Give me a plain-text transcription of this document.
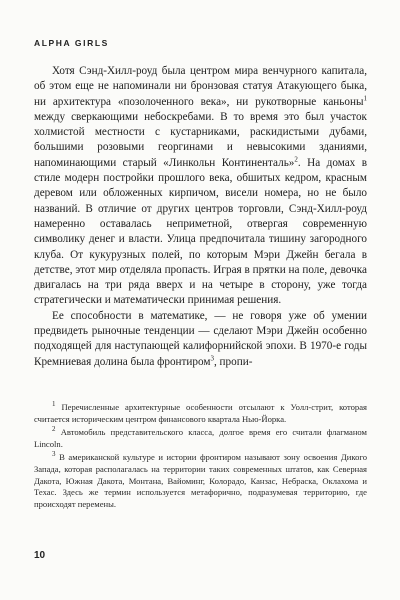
ALPHA GIRLS

Хотя Сэнд-Хилл-роуд была центром мира венчурного капитала, об этом еще не напоминали ни бронзовая статуя Атакующего быка, ни архитектура «позолоченного века», ни рукотворные каньоны$^1$ между сверкающими небоскребами. В то время это был участок холмистой местности с кустарниками, раскидистыми дубами, большими розовыми георгинами и невысокими зданиями, напоминающими старый «Линкольн Континенталь»$^2$. На домах в стиле модерн постройки прошлого века, обшитых кедром, красным деревом или обложенных кирпичом, висели номера, но не было названий. В отличие от других центров торговли, Сэнд-Хилл-роуд намеренно оставалась неприметной, отвергая современную символику денег и власти. Улица предпочитала тишину загородного клуба. От кукурузных полей, по которым Мэри Джейн бегала в детстве, этот мир отделяла пропасть. Играя в прятки на поле, девочка двигалась на три ряда вверх и на четыре в сторону, уже тогда стратегически и математически принимая решения.

Ее способности в математике, — не говоря уже об умении предвидеть рыночные тенденции — сделают Мэри Джейн особенно подходящей для наступающей калифорнийской эпохи. В 1970-е годы Кремниевая долина была фронтиром$^3$, пропи-

$^1$ Перечисленные архитектурные особенности отсылают к Уолл-стрит, которая считается историческим центром финансового квартала Нью-Йорка.

$^2$ Автомобиль представительского класса, долгое время его считали флагманом Lincoln.

$^3$ В американской культуре и истории фронтиром называют зону освоения Дикого Запада, которая располагалась на территории таких современных штатов, как Северная Дакота, Южная Дакота, Монтана, Вайоминг, Колорадо, Канзас, Небраска, Оклахома и Техас. Здесь же термин используется метафорично, подразумевая территорию, где происходят перемены.

10
